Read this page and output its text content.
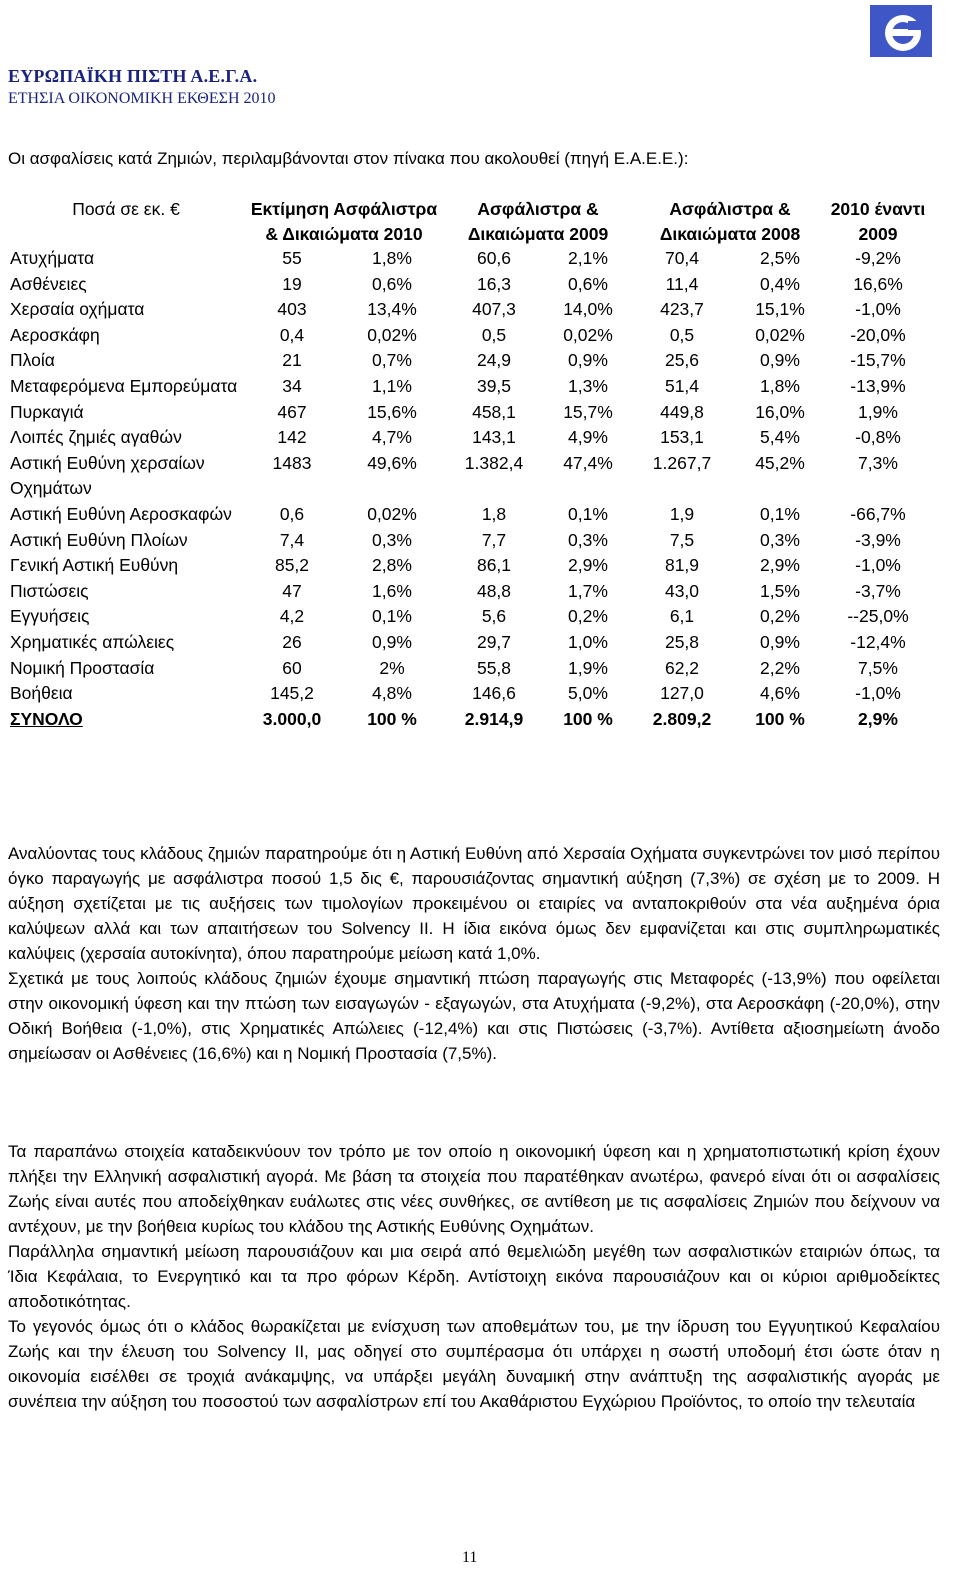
ΕΥΡΩΠΑΪΚΗ ΠΙΣΤΗ Α.Ε.Γ.Α.
ΕΤΗΣΙΑ ΟΙΚΟΝΟΜΙΚΗ ΕΚΘΕΣΗ 2010
Οι ασφαλίσεις κατά Ζημιών, περιλαμβάνονται στον πίνακα που ακολουθεί (πηγή Ε.Α.Ε.Ε.):
Ποσά σε εκ. €	Εκτίμηση Ασφάλιστρα & Δικαιώματα 2010		Ασφάλιστρα & Δικαιώματα 2009		Ασφάλιστρα & Δικαιώματα 2008		2010 έναντι 2009
Ατυχήματα	55	1,8%	60,6	2,1%	70,4	2,5%	-9,2%
Ασθένειες	19	0,6%	16,3	0,6%	11,4	0,4%	16,6%
Χερσαία οχήματα	403	13,4%	407,3	14,0%	423,7	15,1%	-1,0%
Αεροσκάφη	0,4	0,02%	0,5	0,02%	0,5	0,02%	-20,0%
Πλοία	21	0,7%	24,9	0,9%	25,6	0,9%	-15,7%
Μεταφερόμενα Εμπορεύματα	34	1,1%	39,5	1,3%	51,4	1,8%	-13,9%
Πυρκαγιά	467	15,6%	458,1	15,7%	449,8	16,0%	1,9%
Λοιπές ζημιές αγαθών	142	4,7%	143,1	4,9%	153,1	5,4%	-0,8%
Αστική Ευθύνη χερσαίων Οχημάτων	1483	49,6%	1.382,4	47,4%	1.267,7	45,2%	7,3%
Αστική Ευθύνη Αεροσκαφών	0,6	0,02%	1,8	0,1%	1,9	0,1%	-66,7%
Αστική Ευθύνη Πλοίων	7,4	0,3%	7,7	0,3%	7,5	0,3%	-3,9%
Γενική Αστική Ευθύνη	85,2	2,8%	86,1	2,9%	81,9	2,9%	-1,0%
Πιστώσεις	47	1,6%	48,8	1,7%	43,0	1,5%	-3,7%
Εγγυήσεις	4,2	0,1%	5,6	0,2%	6,1	0,2%	--25,0%
Χρηματικές απώλειες	26	0,9%	29,7	1,0%	25,8	0,9%	-12,4%
Νομική Προστασία	60	2%	55,8	1,9%	62,2	2,2%	7,5%
Βοήθεια	145,2	4,8%	146,6	5,0%	127,0	4,6%	-1,0%
ΣΥΝΟΛΟ	3.000,0	100 %	2.914,9	100 %	2.809,2	100 %	2,9%

Αναλύοντας τους κλάδους ζημιών παρατηρούμε ότι η Αστική Ευθύνη από Χερσαία Οχήματα συγκεντρώνει τον μισό περίπου όγκο παραγωγής με ασφάλιστρα ποσού 1,5 δις €, παρουσιάζοντας σημαντική αύξηση (7,3%) σε σχέση με το 2009. Η αύξηση σχετίζεται με τις αυξήσεις των τιμολογίων προκειμένου οι εταιρίες να ανταποκριθούν στα νέα αυξημένα όρια καλύψεων αλλά και των απαιτήσεων του Solvency II. Η ίδια εικόνα όμως δεν εμφανίζεται και στις συμπληρωματικές καλύψεις (χερσαία αυτοκίνητα), όπου παρατηρούμε μείωση κατά 1,0%.

Σχετικά με τους λοιπούς κλάδους ζημιών έχουμε σημαντική πτώση παραγωγής στις Μεταφορές (-13,9%) που οφείλεται στην οικονομική ύφεση και την πτώση των εισαγωγών - εξαγωγών, στα Ατυχήματα (-9,2%), στα Αεροσκάφη (-20,0%), στην Οδική Βοήθεια (-1,0%), στις Χρηματικές Απώλειες (-12,4%) και στις Πιστώσεις (-3,7%). Αντίθετα αξιοσημείωτη άνοδο σημείωσαν οι Ασθένειες (16,6%) και η Νομική Προστασία (7,5%).

Τα παραπάνω στοιχεία καταδεικνύουν τον τρόπο με τον οποίο η οικονομική ύφεση και η χρηματοπιστωτική κρίση έχουν πλήξει την Ελληνική ασφαλιστική αγορά. Με βάση τα στοιχεία που παρατέθηκαν ανωτέρω, φανερό είναι ότι οι ασφαλίσεις Ζωής είναι αυτές που αποδείχθηκαν ευάλωτες στις νέες συνθήκες, σε αντίθεση με τις ασφαλίσεις Ζημιών που δείχνουν να αντέχουν, με την βοήθεια κυρίως του κλάδου της Αστικής Ευθύνης Οχημάτων.

Παράλληλα σημαντική μείωση παρουσιάζουν και μια σειρά από θεμελιώδη μεγέθη των ασφαλιστικών εταιριών όπως, τα Ίδια Κεφάλαια, το Ενεργητικό και τα προ φόρων Κέρδη. Αντίστοιχη εικόνα παρουσιάζουν και οι κύριοι αριθμοδείκτες αποδοτικότητας.

Το γεγονός όμως ότι ο κλάδος θωρακίζεται με ενίσχυση των αποθεμάτων του, με την ίδρυση του Εγγυητικού Κεφαλαίου Ζωής και την έλευση του Solvency II, μας οδηγεί στο συμπέρασμα ότι υπάρχει η σωστή υποδομή έτσι ώστε όταν η οικονομία εισέλθει σε τροχιά ανάκαμψης, να υπάρξει μεγάλη δυναμική στην ανάπτυξη της ασφαλιστικής αγοράς με συνέπεια την αύξηση του ποσοστού των ασφαλίστρων επί του Ακαθάριστου Εγχώριου Προϊόντος, το οποίο την τελευταία

11
